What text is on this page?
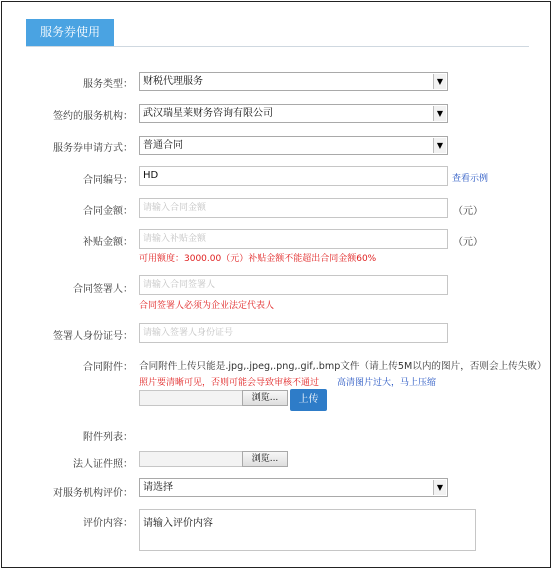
服务券使用
服务类型：	财税代理服务	▼
签约的服务机构：	武汉瑞星莱财务咨询有限公司	▼
服务券申请方式：	普通合同	▼
合同编号：	HD	查看示例
合同金额：	请输入合同金额	（元）
补贴金额：	请输入补贴金额	（元）
可用额度：3000.00（元）补贴金额不能超出合同金额60%
合同签署人：	请输入合同签署人
合同签署人必须为企业法定代表人
签署人身份证号：	请输入签署人身份证号
合同附件： 合同附件上传只能是.jpg,.jpeg,.png,.gif,.bmp文件（请上传5M以内的图片，否则会上传失败）
照片要清晰可见，否则可能会导致审核不通过 高清图片过大，马上压缩
浏览...	上传
附件列表：
法人证件照：	浏览...
对服务机构评价：
请选择	▼
评价内容：	请输入评价内容
